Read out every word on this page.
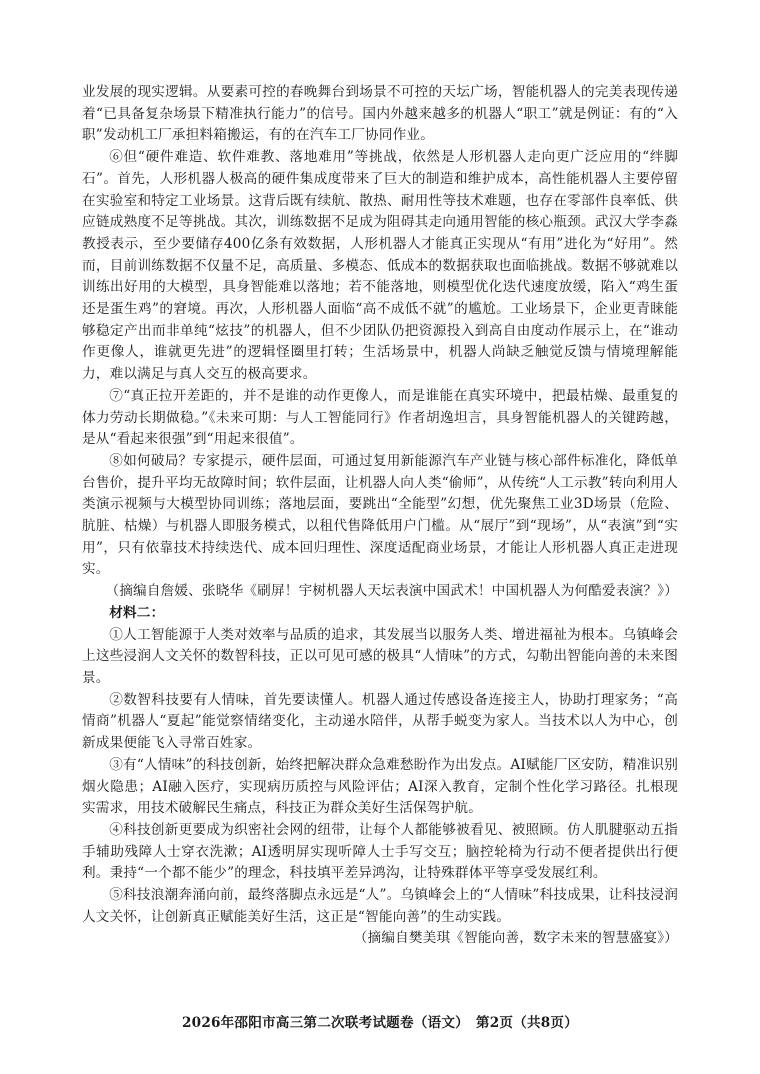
业发展的现实逻辑。从要素可控的春晚舞台到场景不可控的天坛广场，智能机器人的完美表现传递着“已具备复杂场景下精准执行能力”的信号。国内外越来越多的机器人“职工”就是例证：有的“入职”发动机工厂承担料箱搬运，有的在汽车工厂协同作业。

⑥但“硬件难造、软件难教、落地难用”等挑战，依然是人形机器人走向更广泛应用的“绊脚石”。首先，人形机器人极高的硬件集成度带来了巨大的制造和维护成本，高性能机器人主要停留在实验室和特定工业场景。这背后既有续航、散热、耐用性等技术难题，也存在零部件良率低、供应链成熟度不足等挑战。其次，训练数据不足成为阻碍其走向通用智能的核心瓶颈。武汉大学李淼教授表示，至少要储存400亿条有效数据，人形机器人才能真正实现从“有用”进化为“好用”。然而，目前训练数据不仅量不足，高质量、多模态、低成本的数据获取也面临挑战。数据不够就难以训练出好用的大模型，具身智能难以落地；若不能落地，则模型优化迭代速度放缓，陷入“鸡生蛋还是蛋生鸡”的窘境。再次，人形机器人面临“高不成低不就”的尴尬。工业场景下，企业更青睐能够稳定产出而非单纯“炫技”的机器人，但不少团队仍把资源投入到高自由度动作展示上，在“谁动作更像人，谁就更先进”的逻辑怪圈里打转；生活场景中，机器人尚缺乏触觉反馈与情境理解能力，难以满足与真人交互的极高要求。

⑦“真正拉开差距的，并不是谁的动作更像人，而是谁能在真实环境中，把最枯燥、最重复的体力劳动长期做稳。”《未来可期：与人工智能同行》作者胡逸坦言，具身智能机器人的关键跨越，是从“看起来很强”到“用起来很值”。

⑧如何破局？专家提示，硬件层面，可通过复用新能源汽车产业链与核心部件标准化，降低单台售价，提升平均无故障时间；软件层面，让机器人向人类“偷师”，从传统“人工示教”转向利用人类演示视频与大模型协同训练；落地层面，要跳出“全能型”幻想，优先聚焦工业3D场景（危险、肮脏、枯燥）与机器人即服务模式，以租代售降低用户门槛。从“展厅”到“现场”，从“表演”到“实用”，只有依靠技术持续迭代、成本回归理性、深度适配商业场景，才能让人形机器人真正走进现实。

（摘编自詹媛、张晓华《刷屏！宇树机器人天坛表演中国武术！中国机器人为何酷爱表演？》）

材料二：

①人工智能源于人类对效率与品质的追求，其发展当以服务人类、增进福祉为根本。乌镇峰会上这些浸润人文关怀的数智科技，正以可见可感的极具“人情味”的方式，勾勒出智能向善的未来图景。

②数智科技要有人情味，首先要读懂人。机器人通过传感设备连接主人，协助打理家务；“高情商”机器人“夏起”能觉察情绪变化，主动递水陪伴，从帮手蜕变为家人。当技术以人为中心，创新成果便能飞入寻常百姓家。

③有“人情味”的科技创新，始终把解决群众急难愁盼作为出发点。AI赋能厂区安防，精准识别烟火隐患；AI融入医疗，实现病历质控与风险评估；AI深入教育，定制个性化学习路径。扎根现实需求，用技术破解民生痛点，科技正为群众美好生活保驾护航。

④科技创新更要成为织密社会网的纽带，让每个人都能够被看见、被照顾。仿人肌腱驱动五指手辅助残障人士穿衣洗漱；AI透明屏实现听障人士手写交互；脑控轮椅为行动不便者提供出行便利。秉持“一个都不能少”的理念，科技填平差异鸿沟，让特殊群体平等享受发展红利。

⑤科技浪潮奔涌向前，最终落脚点永远是“人”。乌镇峰会上的“人情味”科技成果，让科技浸润人文关怀，让创新真正赋能美好生活，这正是“智能向善”的生动实践。

（摘编自樊美琪《智能向善，数字未来的智慧盛宴》）

2026年邵阳市高三第二次联考试题卷（语文）　第2页（共8页）
